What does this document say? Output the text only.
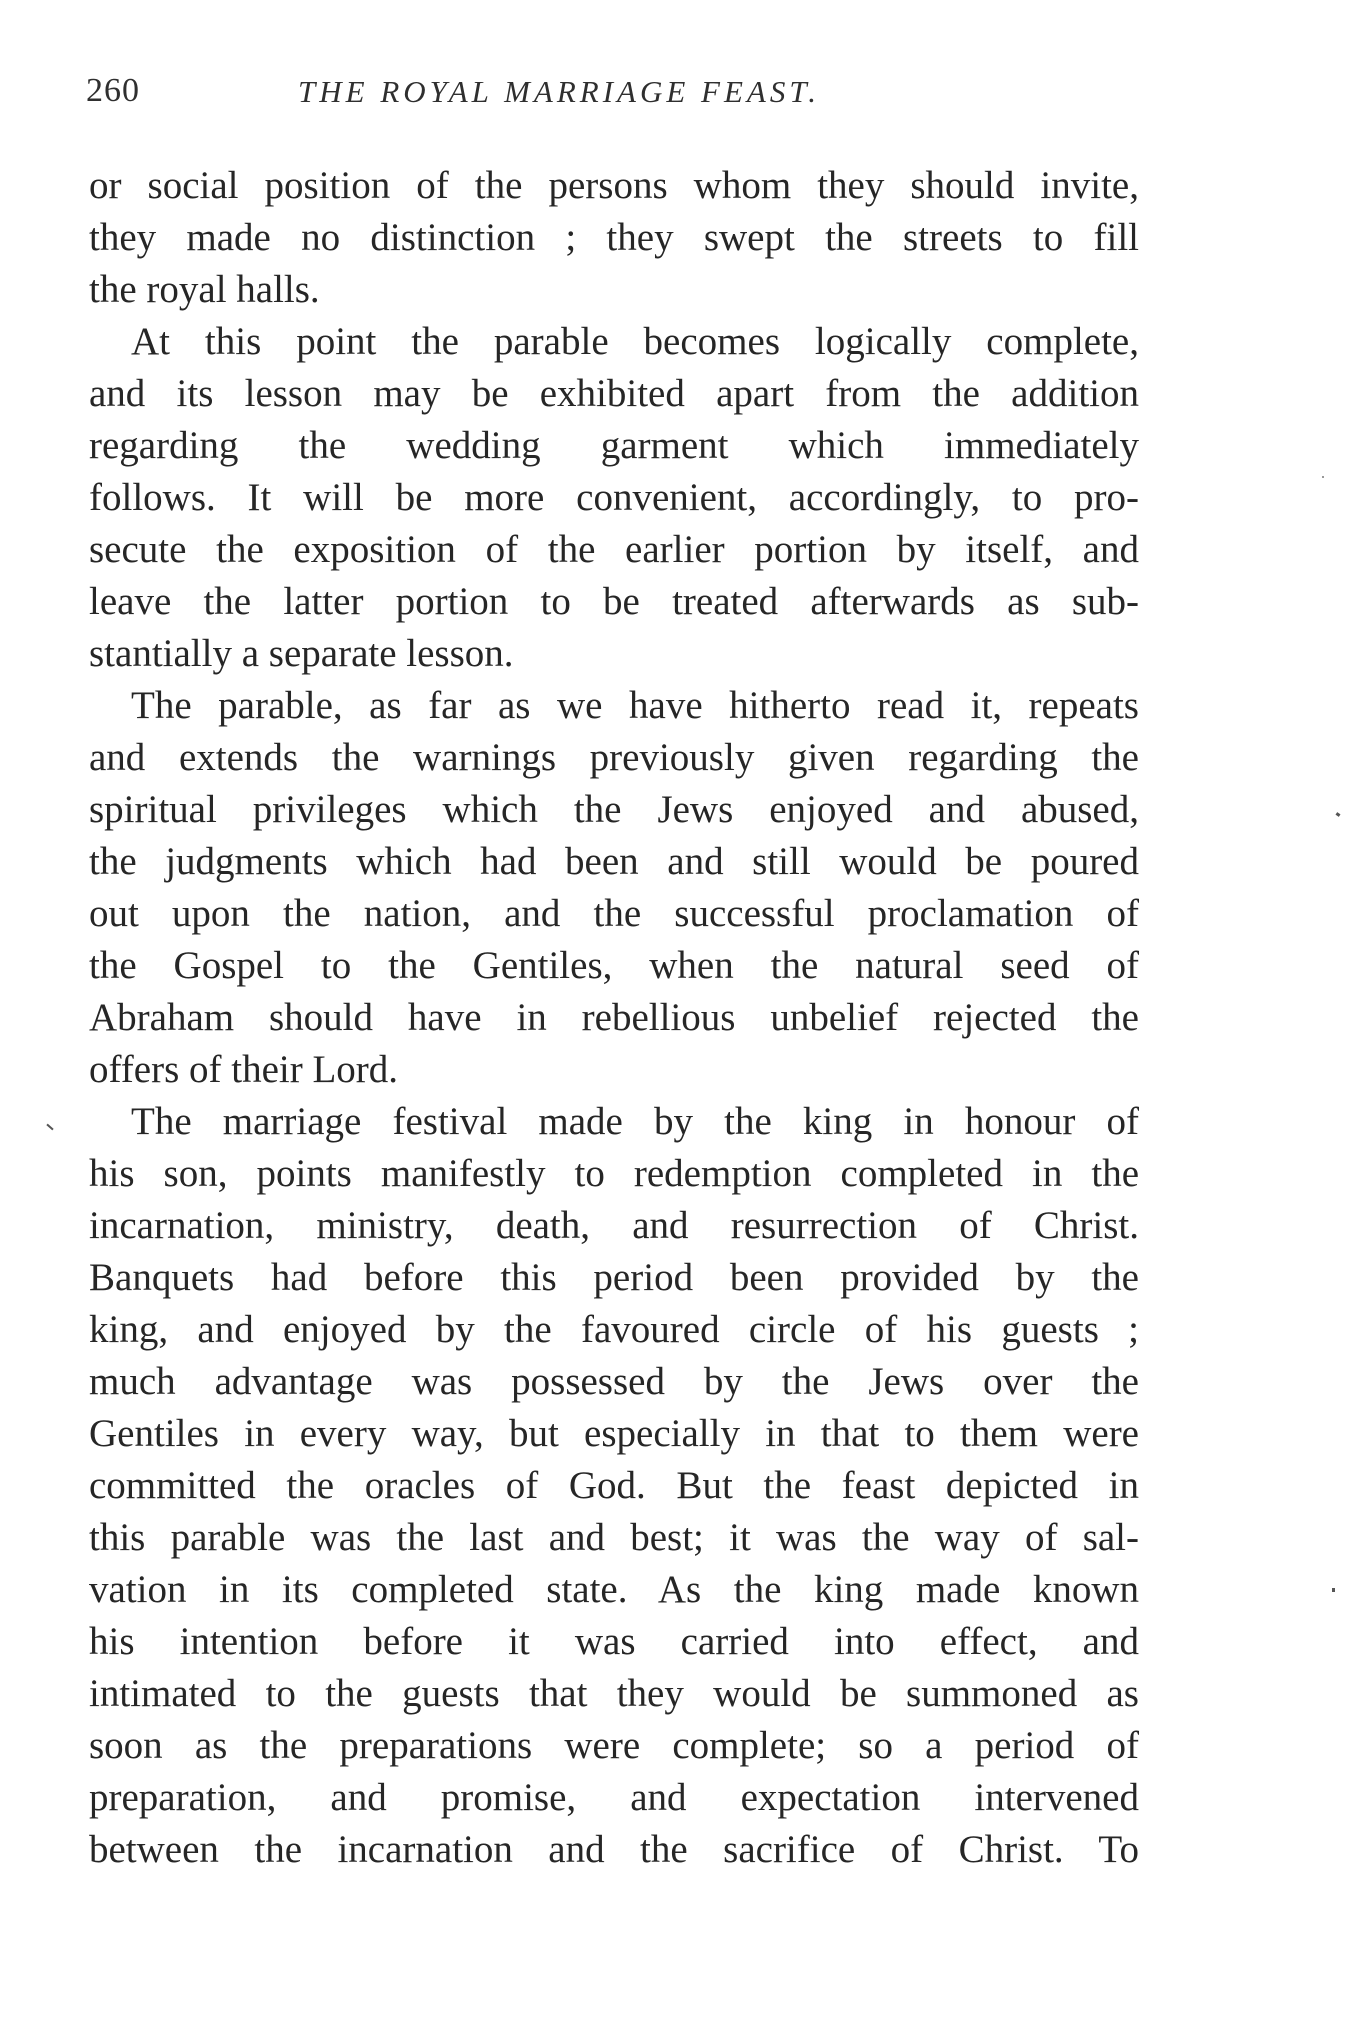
260	THE ROYAL MARRIAGE FEAST.
or social position of the persons whom they should invite,
they made no distinction ; they swept the streets to fill
the royal halls.
At this point the parable becomes logically complete,
and its lesson may be exhibited apart from the addition
regarding the wedding garment which immediately
follows. It will be more convenient, accordingly, to pro-
secute the exposition of the earlier portion by itself, and
leave the latter portion to be treated afterwards as sub-
stantially a separate lesson.
The parable, as far as we have hitherto read it, repeats
and extends the warnings previously given regarding the
spiritual privileges which the Jews enjoyed and abused,
the judgments which had been and still would be poured
out upon the nation, and the successful proclamation of
the Gospel to the Gentiles, when the natural seed of
Abraham should have in rebellious unbelief rejected the
offers of their Lord.
The marriage festival made by the king in honour of
his son, points manifestly to redemption completed in the
incarnation, ministry, death, and resurrection of Christ.
Banquets had before this period been provided by the
king, and enjoyed by the favoured circle of his guests ;
much advantage was possessed by the Jews over the
Gentiles in every way, but especially in that to them were
committed the oracles of God. But the feast depicted in
this parable was the last and best; it was the way of sal-
vation in its completed state. As the king made known
his intention before it was carried into effect, and
intimated to the guests that they would be summoned as
soon as the preparations were complete; so a period of
preparation, and promise, and expectation intervened
between the incarnation and the sacrifice of Christ. To
